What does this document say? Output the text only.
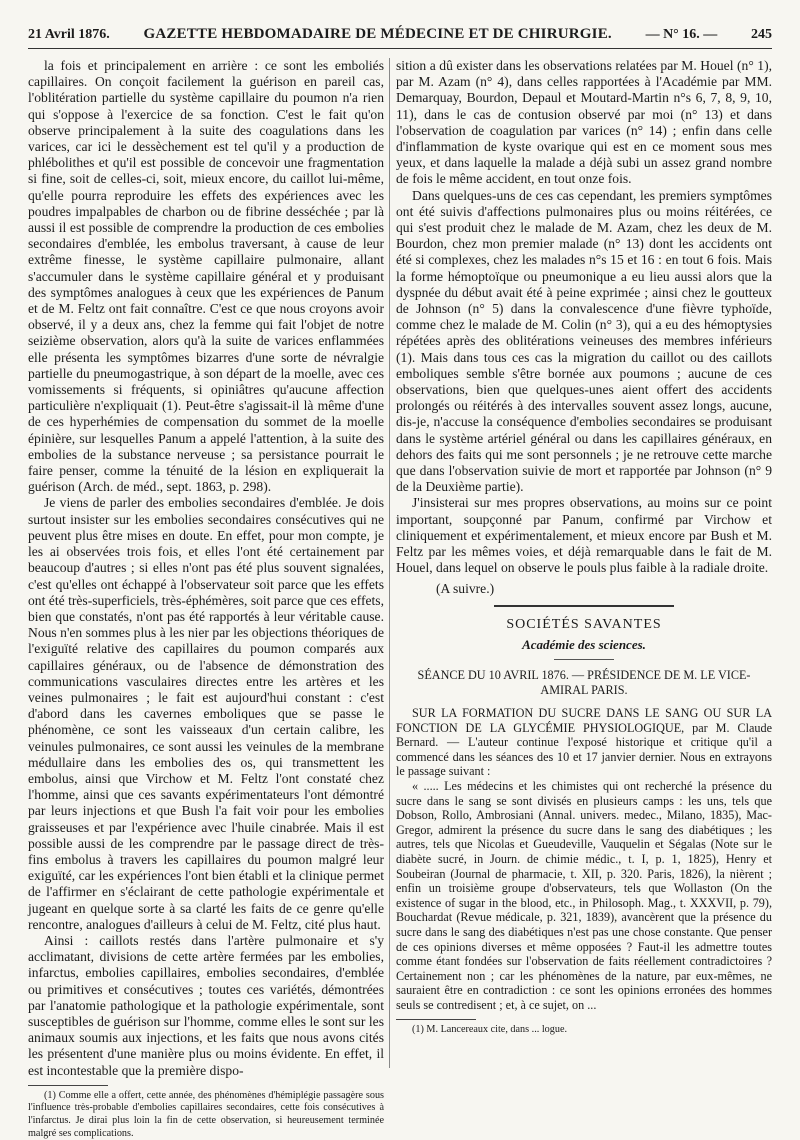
21 Avril 1876. GAZETTE HEBDOMADAIRE DE MÉDECINE ET DE CHIRURGIE. — N° 16. — 245

la fois et principalement en arrière : ce sont les emboliés capillaires. On conçoit facilement la guérison en pareil cas, l'oblitération partielle du système capillaire du poumon n'a rien qui s'oppose à l'exercice de sa fonction. C'est le fait qu'on observe principalement à la suite des coagulations dans les varices, car ici le dessèchement est tel qu'il y a production de phlébolithes et qu'il est possible de concevoir une fragmentation si fine, soit de celles-ci, soit, mieux encore, du caillot lui-même, qu'elle pourra reproduire les effets des expériences avec les poudres impalpables de charbon ou de fibrine desséchée ; par là aussi il est possible de comprendre la production de ces embolies secondaires d'emblée, les embolus traversant, à cause de leur extrême finesse, le système capillaire pulmonaire, allant s'accumuler dans le système capillaire général et y produisant des symptômes analogues à ceux que les expériences de Panum et de M. Feltz ont fait connaître. C'est ce que nous croyons avoir observé, il y a deux ans, chez la femme qui fait l'objet de notre seizième observation, alors qu'à la suite de varices enflammées elle présenta les symptômes bizarres d'une sorte de névralgie partielle du pneumogastrique, à son départ de la moelle, avec ces vomissements si fréquents, si opiniâtres qu'aucune affection particulière n'expliquait (1). Peut-être s'agissait-il là même d'une de ces hyperhémies de compensation du sommet de la moelle épinière, sur lesquelles Panum a appelé l'attention, à la suite des embolies de la substance nerveuse ; sa persistance pourrait le faire penser, comme la ténuité de la lésion en expliquerait la guérison (Arch. de méd., sept. 1863, p. 298).

Je viens de parler des embolies secondaires d'emblée. Je dois surtout insister sur les embolies secondaires consécutives qui ne peuvent plus être mises en doute. En effet, pour mon compte, je les ai observées trois fois, et elles l'ont été certainement par beaucoup d'autres ; si elles n'ont pas été plus souvent signalées, c'est qu'elles ont échappé à l'observateur soit parce que les effets ont été très-superficiels, très-éphémères, soit parce que ces effets, bien que constatés, n'ont pas été rapportés à leur véritable cause. Nous n'en sommes plus à les nier par les objections théoriques de l'exiguïté relative des capillaires du poumon comparés aux capillaires généraux, ou de l'absence de démonstration des communications vasculaires directes entre les artères et les veines pulmonaires ; le fait est aujourd'hui constant : c'est d'abord dans les cavernes emboliques que se passe le phénomène, ce sont les vaisseaux d'un certain calibre, les veinules pulmonaires, ce sont aussi les veinules de la membrane médullaire dans les embolies des os, qui transmettent les embolus, ainsi que Virchow et M. Feltz l'ont constaté chez l'homme, ainsi que ces savants expérimentateurs l'ont démontré par leurs injections et que Bush l'a fait voir pour les embolies graisseuses et par l'expérience avec l'huile cinabrée. Mais il est possible aussi de les comprendre par le passage direct de très-fins embolus à travers les capillaires du poumon malgré leur exiguïté, car les expériences l'ont bien établi et la clinique permet de l'affirmer en s'éclairant de cette pathologie expérimentale et jugeant en quelque sorte à sa clarté les faits de ce genre qu'elle rencontre, analogues d'ailleurs à celui de M. Feltz, cité plus haut.

Ainsi : caillots restés dans l'artère pulmonaire et s'y acclimatant, divisions de cette artère fermées par les embolies, infarctus, embolies capillaires, embolies secondaires, d'emblée ou primitives et consécutives ; toutes ces variétés, démontrées par l'anatomie pathologique et la pathologie expérimentale, sont susceptibles de guérison sur l'homme, comme elles le sont sur les animaux soumis aux injections, et les faits que nous avons cités les présentent d'une manière plus ou moins évidente. En effet, il est incontestable que la première dispo-

(1) Comme elle a offert, cette année, des phénomènes d'hémiplégie passagère sous l'influence très-probable d'embolies capillaires secondaires, cette fois consécutives à l'infarctus. Je dirai plus loin la fin de cette observation, si heureusement terminée malgré ses complications.

sition a dû exister dans les observations relatées par M. Houel (n° 1), par M. Azam (n° 4), dans celles rapportées à l'Académie par MM. Demarquay, Bourdon, Depaul et Moutard-Martin n°s 6, 7, 8, 9, 10, 11), dans le cas de contusion observé par moi (n° 13) et dans l'observation de coagulation par varices (n° 14) ; enfin dans celle d'inflammation de kyste ovarique qui est en ce moment sous mes yeux, et dans laquelle la malade a déjà subi un assez grand nombre de fois le même accident, en tout onze fois.

Dans quelques-uns de ces cas cependant, les premiers symptômes ont été suivis d'affections pulmonaires plus ou moins réitérées, ce qui s'est produit chez le malade de M. Azam, chez les deux de M. Bourdon, chez mon premier malade (n° 13) dont les accidents ont été si complexes, chez les malades n°s 15 et 16 : en tout 6 fois. Mais la forme hémoptoïque ou pneumonique a eu lieu aussi alors que la dyspnée du début avait été à peine exprimée ; ainsi chez le goutteux de Johnson (n° 5) dans la convalescence d'une fièvre typhoïde, comme chez le malade de M. Colin (n° 3), qui a eu des hémoptysies répétées après des oblitérations veineuses des membres inférieurs (1). Mais dans tous ces cas la migration du caillot ou des caillots emboliques semble s'être bornée aux poumons ; aucune de ces observations, bien que quelques-unes aient offert des accidents prolongés ou réitérés à des intervalles souvent assez longs, aucune, dis-je, n'accuse la conséquence d'embolies secondaires se produisant dans le système artériel général ou dans les capillaires généraux, en dehors des faits qui me sont personnels ; je ne retrouve cette marche que dans l'observation suivie de mort et rapportée par Johnson (n° 9 de la Deuxième partie).

J'insisterai sur mes propres observations, au moins sur ce point important, soupçonné par Panum, confirmé par Virchow et cliniquement et expérimentalement, et mieux encore par Bush et M. Feltz par les mêmes voies, et déjà remarquable dans le fait de M. Houel, dans lequel on observe le pouls plus faible à la radiale droite.

(A suivre.)

SOCIÉTÉS SAVANTES
Académie des sciences.
SÉANCE DU 10 AVRIL 1876. — PRÉSIDENCE DE M. LE VICE-AMIRAL PARIS.

SUR LA FORMATION DU SUCRE DANS LE SANG OU SUR LA FONCTION DE LA GLYCÉMIE PHYSIOLOGIQUE, par M. Claude Bernard. — L'auteur continue l'exposé historique et critique qu'il a commencé dans les séances des 10 et 17 janvier dernier. Nous en extrayons le passage suivant :

« ..... Les médecins et les chimistes qui ont recherché la présence du sucre dans le sang se sont divisés en plusieurs camps : les uns, tels que Dobson, Rollo, Ambrosiani (Annal. univers. medec., Milano, 1835), Mac-Gregor, admirent la présence du sucre dans le sang des diabétiques ; les autres, tels que Nicolas et Gueudeville, Vauquelin et Ségalas (Note sur le diabète sucré, in Journ. de chimie médic., t. I, p. 1, 1825), Henry et Soubeiran (Journal de pharmacie, t. XII, p. 320. Paris, 1826), la nièrent ; enfin un troisième groupe d'observateurs, tels que Wollaston (On the existence of sugar in the blood, etc., in Philosoph. Mag., t. XXXVII, p. 79), Bouchardat (Revue médicale, p. 321, 1839), avancèrent que la présence du sucre dans le sang des diabétiques n'est pas une chose constante. Que penser de ces opinions diverses et même opposées ? Faut-il les admettre toutes comme étant fondées sur l'observation de faits réellement contradictoires ? Certainement non ; car les phénomènes de la nature, par eux-mêmes, ne sauraient être en contradiction : ce sont les opinions erronées des hommes seuls se contredisent ; et, à ce sujet, on ...

(1) M. Lancereaux cite, dans ... logue.
